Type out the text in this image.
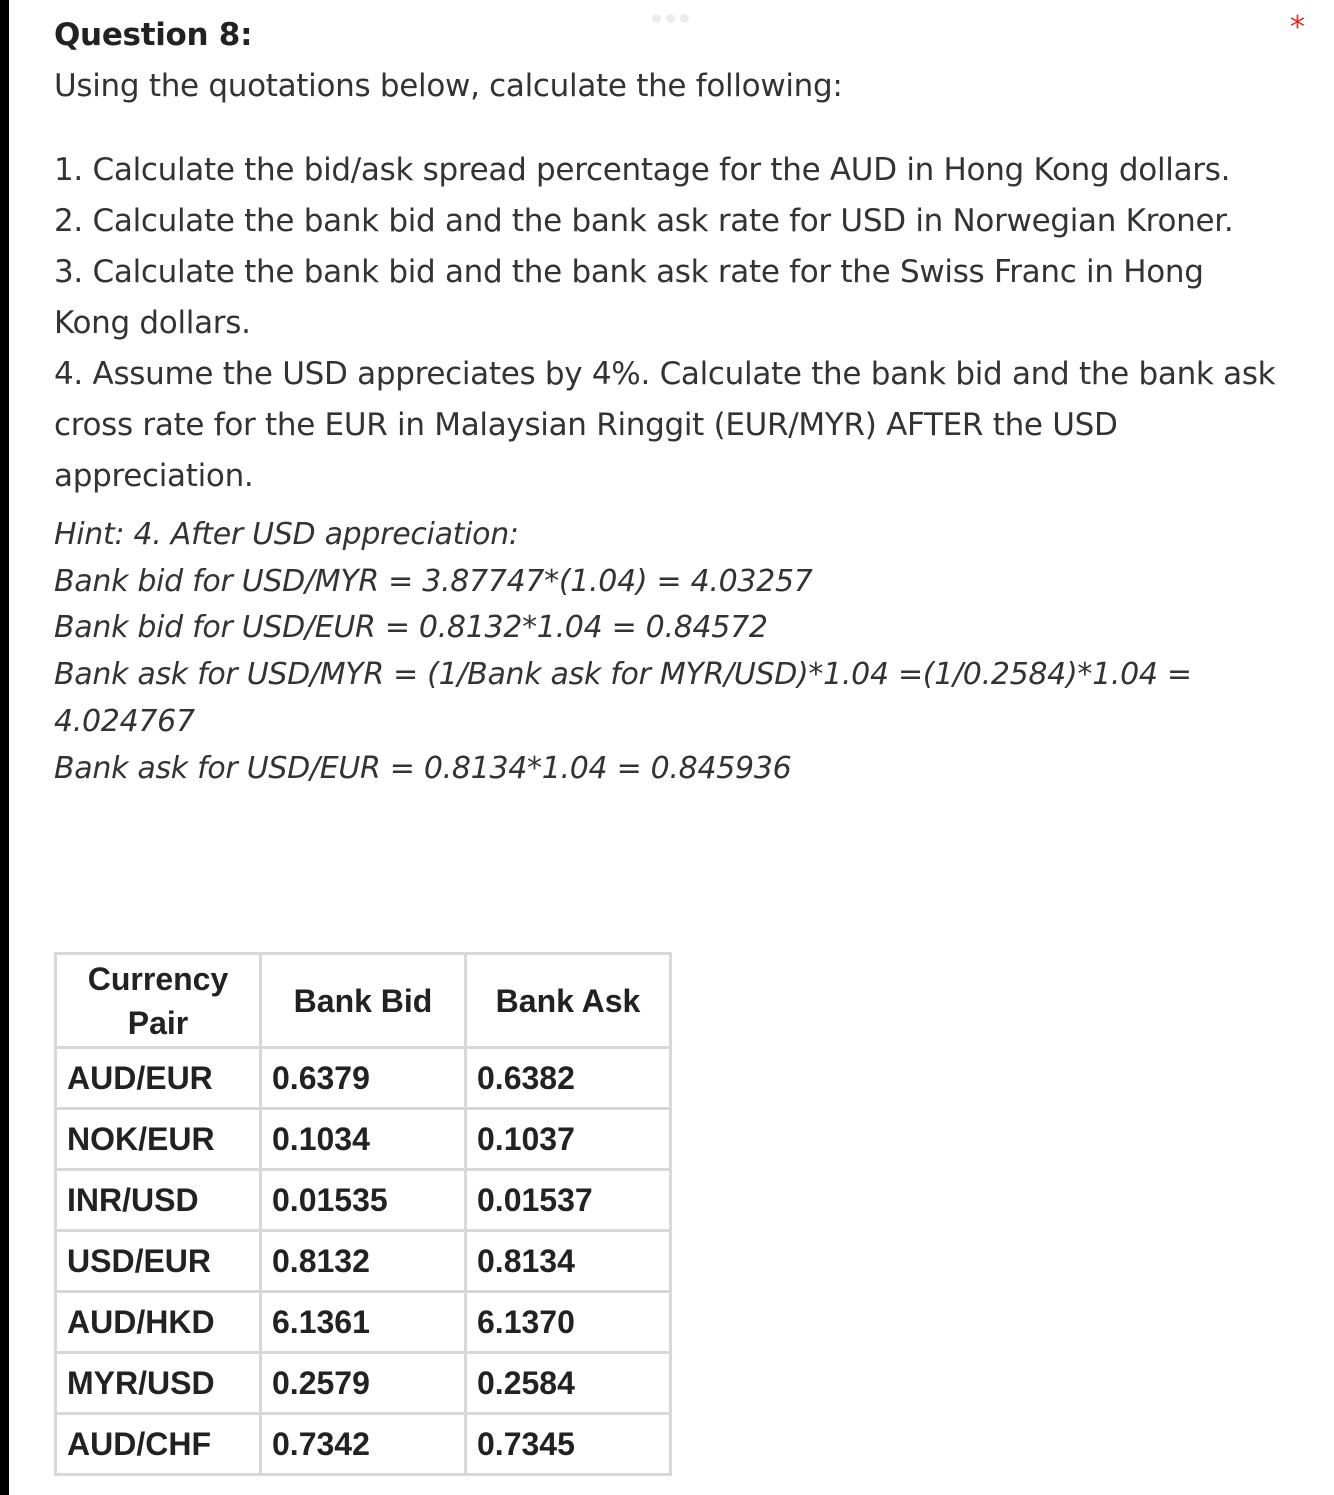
*
Question 8:
Using the quotations below, calculate the following:
1. Calculate the bid/ask spread percentage for the AUD in Hong Kong dollars.
2. Calculate the bank bid and the bank ask rate for USD in Norwegian Kroner.
3. Calculate the bank bid and the bank ask rate for the Swiss Franc in Hong Kong dollars.
4. Assume the USD appreciates by 4%. Calculate the bank bid and the bank ask cross rate for the EUR in Malaysian Ringgit (EUR/MYR) AFTER the USD appreciation.
Hint: 4. After USD appreciation:
Bank bid for USD/MYR = 3.87747*(1.04) = 4.03257
Bank bid for USD/EUR = 0.8132*1.04 = 0.84572
Bank ask for USD/MYR = (1/Bank ask for MYR/USD)*1.04 =(1/0.2584)*1.04 =
4.024767
Bank ask for USD/EUR = 0.8134*1.04 = 0.845936
Currency Pair	Bank Bid	Bank Ask
AUD/EUR	0.6379	0.6382
NOK/EUR	0.1034	0.1037
INR/USD	0.01535	0.01537
USD/EUR	0.8132	0.8134
AUD/HKD	6.1361	6.1370
MYR/USD	0.2579	0.2584
AUD/CHF	0.7342	0.7345
